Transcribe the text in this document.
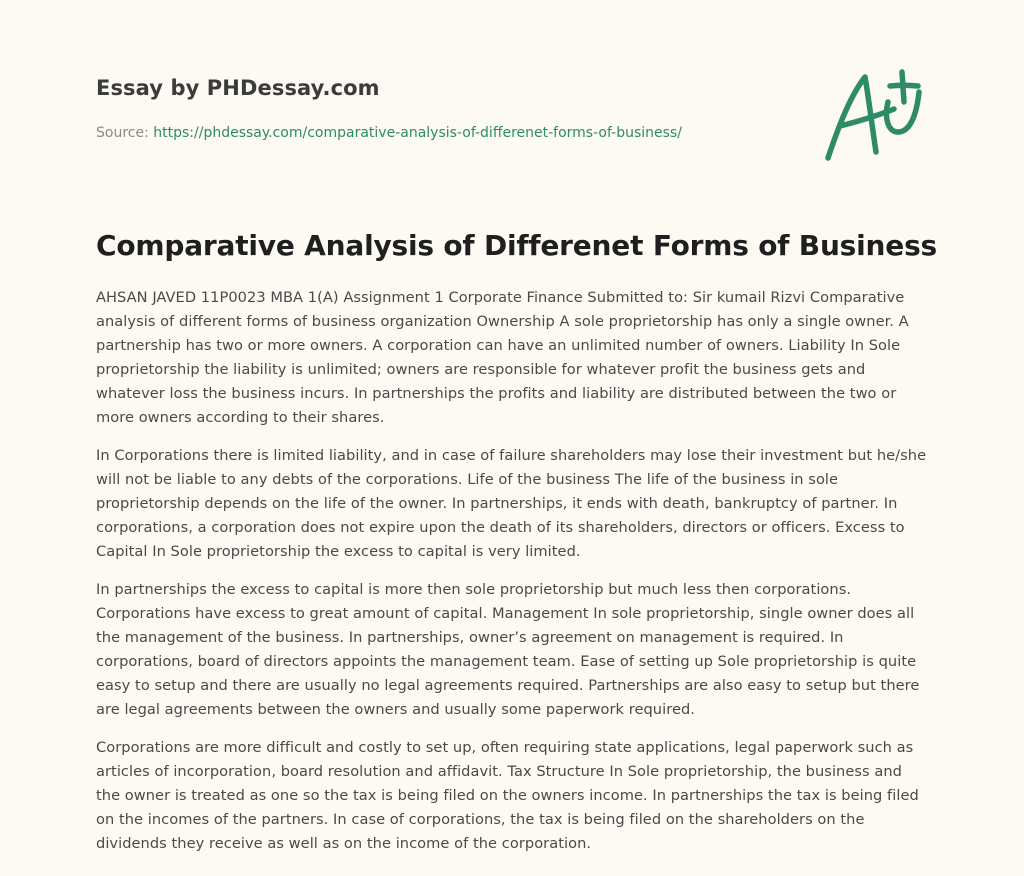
Essay by PHDessay.com

Source: https://phdessay.com/comparative-analysis-of-differenet-forms-of-business/

Comparative Analysis of Differenet Forms of Business

AHSAN JAVED 11P0023 MBA 1(A) Assignment 1 Corporate Finance Submitted to: Sir kumail Rizvi Comparative analysis of different forms of business organization Ownership A sole proprietorship has only a single owner. A partnership has two or more owners. A corporation can have an unlimited number of owners. Liability In Sole proprietorship the liability is unlimited; owners are responsible for whatever profit the business gets and whatever loss the business incurs. In partnerships the profits and liability are distributed between the two or more owners according to their shares.

In Corporations there is limited liability, and in case of failure shareholders may lose their investment but he/she will not be liable to any debts of the corporations. Life of the business The life of the business in sole proprietorship depends on the life of the owner. In partnerships, it ends with death, bankruptcy of partner. In corporations, a corporation does not expire upon the death of its shareholders, directors or officers. Excess to Capital In Sole proprietorship the excess to capital is very limited.

In partnerships the excess to capital is more then sole proprietorship but much less then corporations. Corporations have excess to great amount of capital. Management In sole proprietorship, single owner does all the management of the business. In partnerships, owner’s agreement on management is required. In corporations, board of directors appoints the management team. Ease of setting up Sole proprietorship is quite easy to setup and there are usually no legal agreements required. Partnerships are also easy to setup but there are legal agreements between the owners and usually some paperwork required.

Corporations are more difficult and costly to set up, often requiring state applications, legal paperwork such as articles of incorporation, board resolution and affidavit. Tax Structure In Sole proprietorship, the business and the owner is treated as one so the tax is being filed on the owners income. In partnerships the tax is being filed on the incomes of the partners. In case of corporations, the tax is being filed on the shareholders on the dividends they receive as well as on the income of the corporation.
